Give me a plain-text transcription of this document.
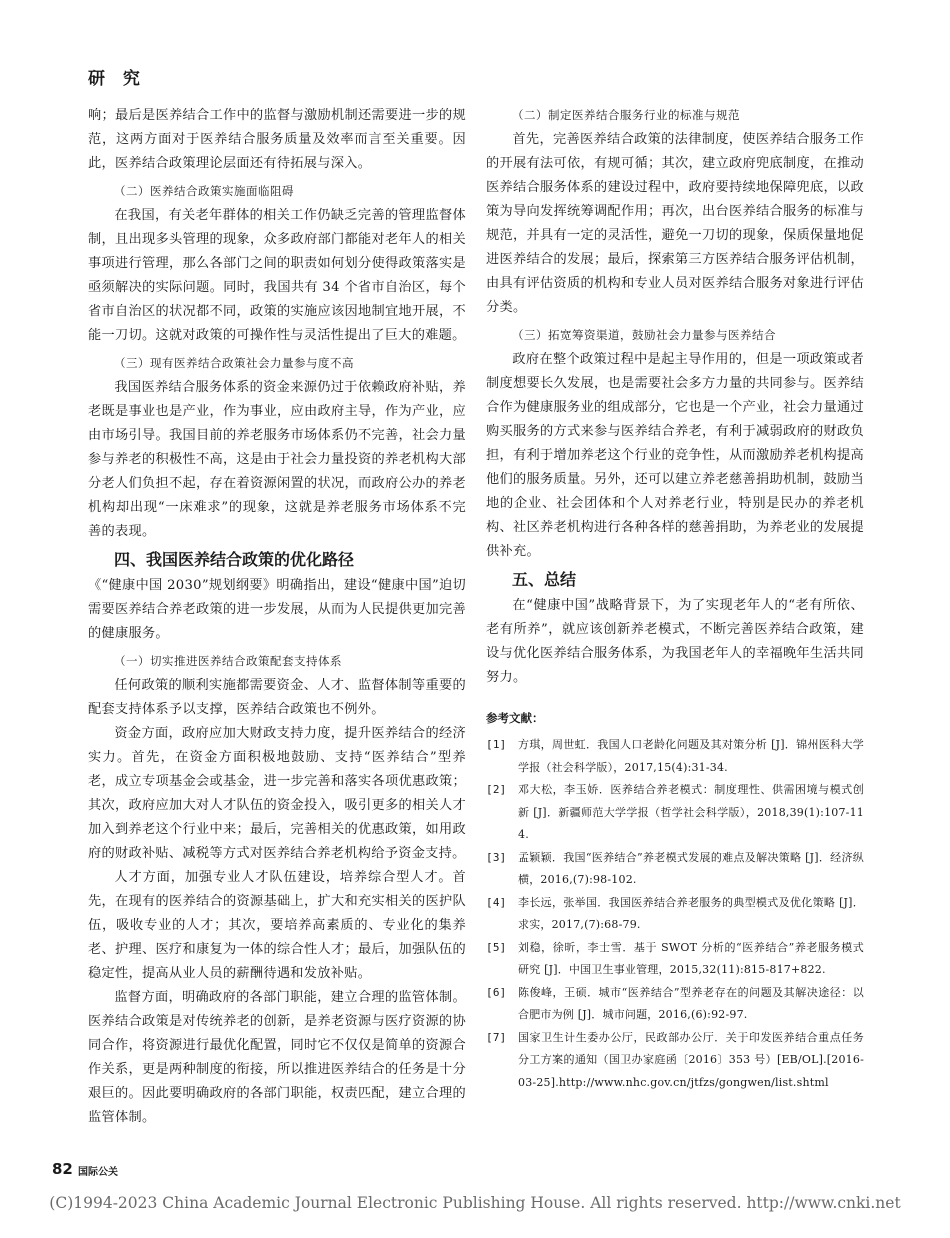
研 究

响；最后是医养结合工作中的监督与激励机制还需要进一步的规范，这两方面对于医养结合服务质量及效率而言至关重要。因此，医养结合政策理论层面还有待拓展与深入。

（二）医养结合政策实施面临阻碍

在我国，有关老年群体的相关工作仍缺乏完善的管理监督体制，且出现多头管理的现象，众多政府部门都能对老年人的相关事项进行管理，那么各部门之间的职责如何划分使得政策落实是亟须解决的实际问题。同时，我国共有 34 个省市自治区，每个省市自治区的状况都不同，政策的实施应该因地制宜地开展，不能一刀切。这就对政策的可操作性与灵活性提出了巨大的难题。

（三）现有医养结合政策社会力量参与度不高

我国医养结合服务体系的资金来源仍过于依赖政府补贴，养老既是事业也是产业，作为事业，应由政府主导，作为产业，应由市场引导。我国目前的养老服务市场体系仍不完善，社会力量参与养老的积极性不高，这是由于社会力量投资的养老机构大部分老人们负担不起，存在着资源闲置的状况，而政府公办的养老机构却出现“一床难求”的现象，这就是养老服务市场体系不完善的表现。

四、我国医养结合政策的优化路径

《“健康中国 2030”规划纲要》明确指出，建设“健康中国”迫切需要医养结合养老政策的进一步发展，从而为人民提供更加完善的健康服务。

（一）切实推进医养结合政策配套支持体系

任何政策的顺利实施都需要资金、人才、监督体制等重要的配套支持体系予以支撑，医养结合政策也不例外。

资金方面，政府应加大财政支持力度，提升医养结合的经济实力。首先，在资金方面积极地鼓励、支持“医养结合”型养老，成立专项基金会或基金，进一步完善和落实各项优惠政策；其次，政府应加大对人才队伍的资金投入，吸引更多的相关人才加入到养老这个行业中来；最后，完善相关的优惠政策，如用政府的财政补贴、减税等方式对医养结合养老机构给予资金支持。

人才方面，加强专业人才队伍建设，培养综合型人才。首先，在现有的医养结合的资源基础上，扩大和充实相关的医护队伍，吸收专业的人才；其次，要培养高素质的、专业化的集养老、护理、医疗和康复为一体的综合性人才；最后，加强队伍的稳定性，提高从业人员的薪酬待遇和发放补贴。

监督方面，明确政府的各部门职能，建立合理的监管体制。医养结合政策是对传统养老的创新，是养老资源与医疗资源的协同合作，将资源进行最优化配置，同时它不仅仅是简单的资源合作关系，更是两种制度的衔接，所以推进医养结合的任务是十分艰巨的。因此要明确政府的各部门职能，权责匹配，建立合理的监管体制。

（二）制定医养结合服务行业的标准与规范

首先，完善医养结合政策的法律制度，使医养结合服务工作的开展有法可依，有规可循；其次，建立政府兜底制度，在推动医养结合服务体系的建设过程中，政府要持续地保障兜底，以政策为导向发挥统筹调配作用；再次，出台医养结合服务的标准与规范，并具有一定的灵活性，避免一刀切的现象，保质保量地促进医养结合的发展；最后，探索第三方医养结合服务评估机制，由具有评估资质的机构和专业人员对医养结合服务对象进行评估分类。

（三）拓宽筹资渠道，鼓励社会力量参与医养结合

政府在整个政策过程中是起主导作用的，但是一项政策或者制度想要长久发展，也是需要社会多方力量的共同参与。医养结合作为健康服务业的组成部分，它也是一个产业，社会力量通过购买服务的方式来参与医养结合养老，有利于减弱政府的财政负担，有利于增加养老这个行业的竞争性，从而激励养老机构提高他们的服务质量。另外，还可以建立养老慈善捐助机制，鼓励当地的企业、社会团体和个人对养老行业，特别是民办的养老机构、社区养老机构进行各种各样的慈善捐助，为养老业的发展提供补充。

五、总结

在“健康中国”战略背景下，为了实现老年人的“老有所依、老有所养”，就应该创新养老模式，不断完善医养结合政策，建设与优化医养结合服务体系，为我国老年人的幸福晚年生活共同努力。

参考文献：
[1]	方琪，周世虹．我国人口老龄化问题及其对策分析 [J]．锦州医科大学学报（社会科学版），2017,15(4):31-34.
[2]	邓大松，李玉娇．医养结合养老模式：制度理性、供需困境与模式创新 [J]．新疆师范大学学报（哲学社会科学版），2018,39(1):107-114.
[3]	孟颖颖．我国“医养结合”养老模式发展的难点及解决策略 [J]．经济纵横，2016,(7):98-102.
[4]	李长远，张举国．我国医养结合养老服务的典型模式及优化策略 [J]．求实，2017,(7):68-79.
[5]	刘稳，徐昕，李士雪．基于 SWOT 分析的“医养结合”养老服务模式研究 [J]．中国卫生事业管理，2015,32(11):815-817+822.
[6]	陈俊峰，王硕．城市“医养结合”型养老存在的问题及其解决途径：以合肥市为例 [J]．城市问题，2016,(6):92-97.
[7]	国家卫生计生委办公厅，民政部办公厅．关于印发医养结合重点任务分工方案的通知（国卫办家庭函〔2016〕353 号）[EB/OL].[2016-03-25].http://www.nhc.gov.cn/jtfzs/gongwen/list.shtml
82 国际公关
(C)1994-2023 China Academic Journal Electronic Publishing House. All rights reserved. http://www.cnki.net
